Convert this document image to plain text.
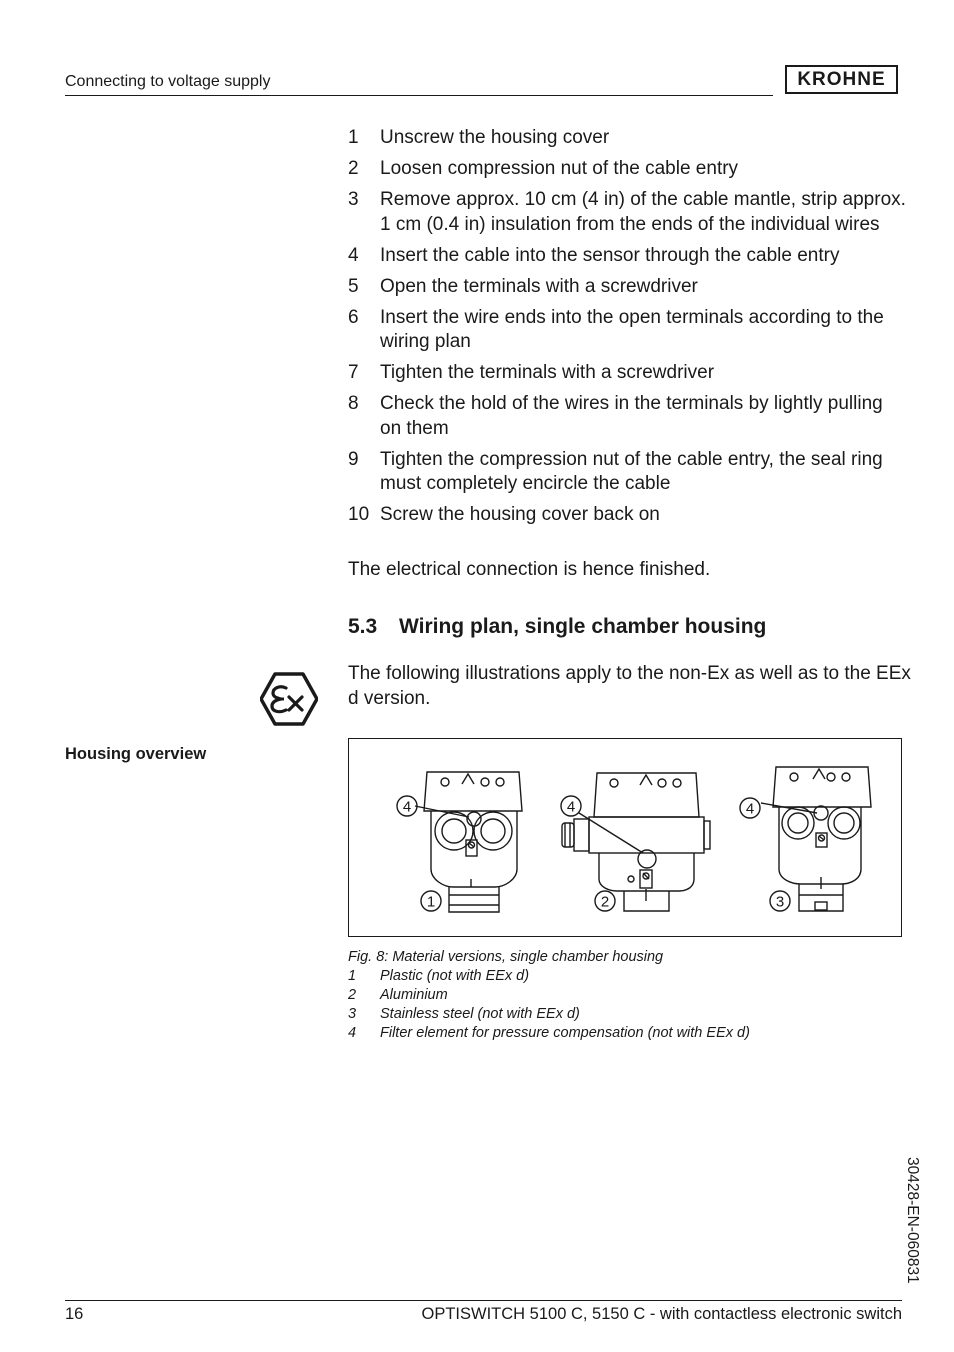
Connecting to voltage supply	KROHNE
1	Unscrew the housing cover
2	Loosen compression nut of the cable entry
3	Remove approx. 10 cm (4 in) of the cable mantle, strip approx. 1 cm (0.4 in) insulation from the ends of the individual wires
4	Insert the cable into the sensor through the cable entry
5	Open the terminals with a screwdriver
6	Insert the wire ends into the open terminals according to the wiring plan
7	Tighten the terminals with a screwdriver
8	Check the hold of the wires in the terminals by lightly pulling on them
9	Tighten the compression nut of the cable entry, the seal ring must completely encircle the cable
10 Screw the housing cover back on
The electrical connection is hence finished.
5.3 Wiring plan, single chamber housing
The following illustrations apply to the non-Ex as well as to the EEx d version.
Housing overview
4	4	4
1	2	3
Fig. 8: Material versions, single chamber housing
1	Plastic (not with EEx d)
2	Aluminium
3	Stainless steel (not with EEx d)
4	Filter element for pressure compensation (not with EEx d)
30428-EN-060831
16	OPTISWITCH 5100 C, 5150 C - with contactless electronic switch
